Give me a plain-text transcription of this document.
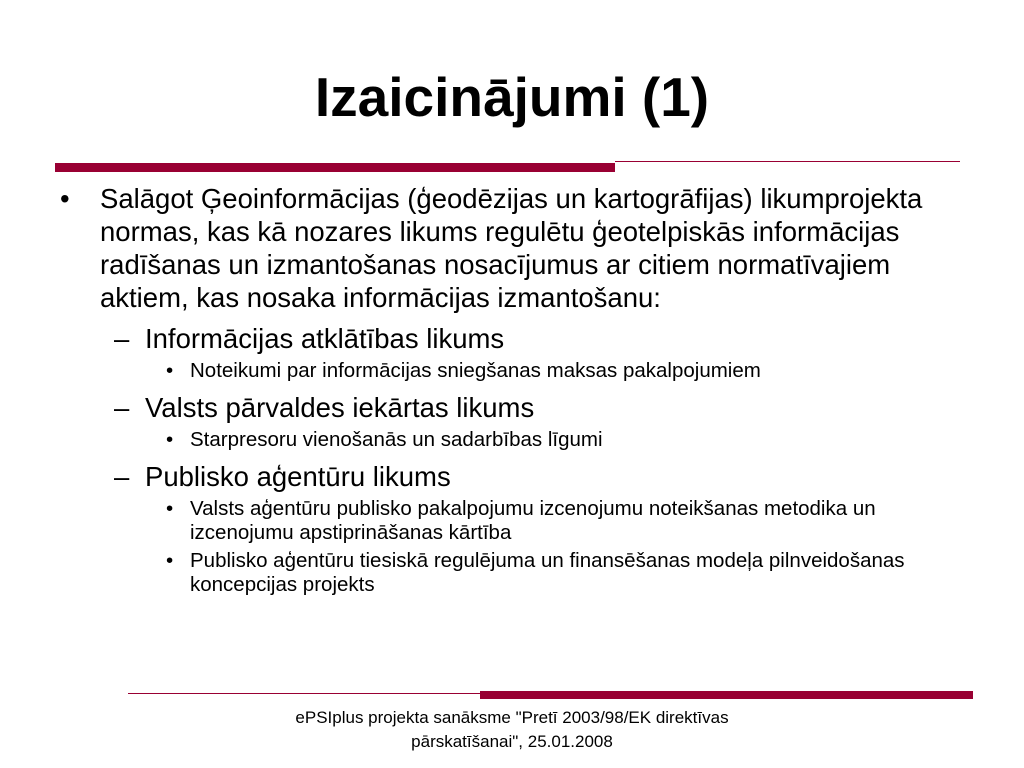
Izaicinājumi (1)
• Salāgot Ģeoinformācijas (ģeodēzijas un kartogrāfijas) likumprojekta normas, kas kā nozares likums regulētu ģeotelpiskās informācijas radīšanas un izmantošanas nosacījumus ar citiem normatīvajiem aktiem, kas nosaka informācijas izmantošanu:
– Informācijas atklātības likums
• Noteikumi par informācijas sniegšanas maksas pakalpojumiem
– Valsts pārvaldes iekārtas likums
• Starpresoru vienošanās un sadarbības līgumi
– Publisko aģentūru likums
• Valsts aģentūru publisko pakalpojumu izcenojumu noteikšanas metodika un izcenojumu apstiprināšanas kārtība
• Publisko aģentūru tiesiskā regulējuma un finansēšanas modeļa pilnveidošanas koncepcijas projekts
ePSIplus projekta sanāksme "Pretī 2003/98/EK direktīvas
pārskatīšanai", 25.01.2008
